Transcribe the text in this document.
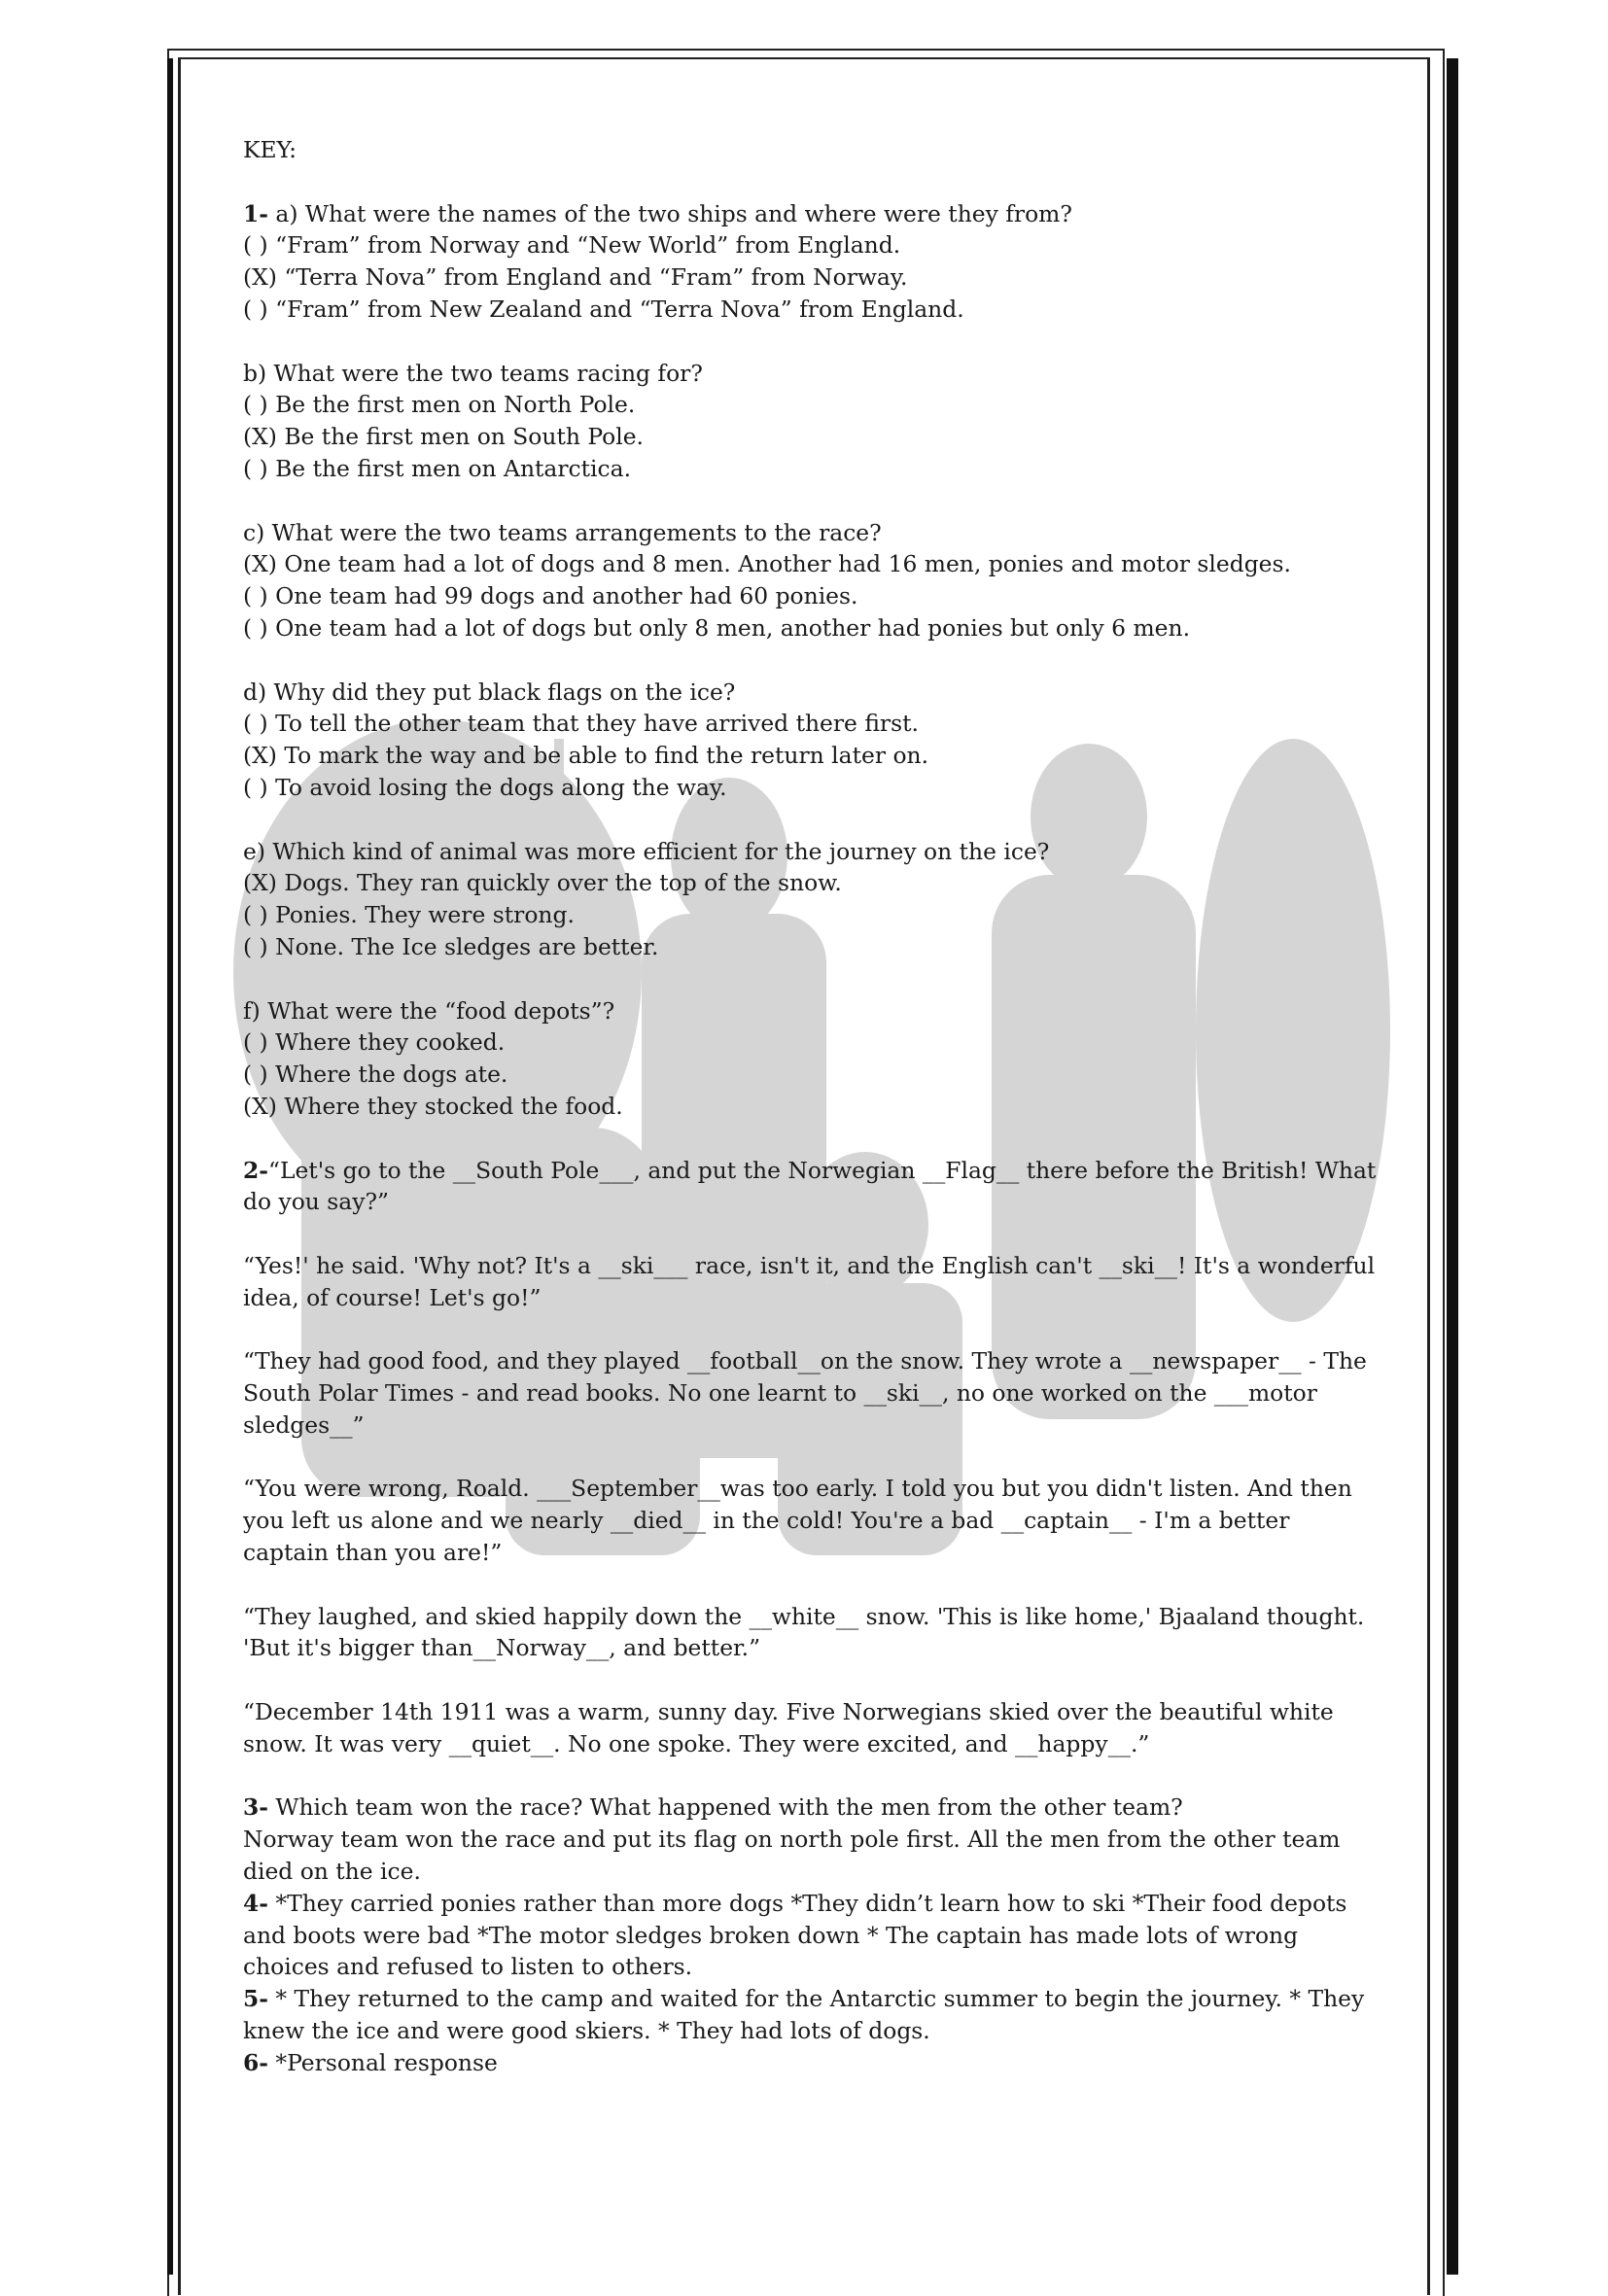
KEY:
1- a) What were the names of the two ships and where were they from?
( ) “Fram” from Norway and “New World” from England.
(X) “Terra Nova” from England and “Fram” from Norway.
( ) “Fram” from New Zealand and “Terra Nova” from England.
b) What were the two teams racing for?
( ) Be the first men on North Pole.
(X) Be the first men on South Pole.
( ) Be the first men on Antarctica.
c) What were the two teams arrangements to the race?
(X) One team had a lot of dogs and 8 men. Another had 16 men, ponies and motor sledges.
( ) One team had 99 dogs and another had 60 ponies.
( ) One team had a lot of dogs but only 8 men, another had ponies but only 6 men.
d) Why did they put black flags on the ice?
( ) To tell the other team that they have arrived there first.
(X) To mark the way and be able to find the return later on.
( ) To avoid losing the dogs along the way.
e) Which kind of animal was more efficient for the journey on the ice?
(X) Dogs. They ran quickly over the top of the snow.
( ) Ponies. They were strong.
( ) None. The Ice sledges are better.
f) What were the “food depots”?
( ) Where they cooked.
( ) Where the dogs ate.
(X) Where they stocked the food.
2-“Let's go to the __South Pole___, and put the Norwegian __Flag__ there before the British! What
do you say?”
“Yes!' he said. 'Why not? It's a __ski___ race, isn't it, and the English can't __ski__! It's a wonderful
idea, of course! Let's go!”
“They had good food, and they played __football__on the snow. They wrote a __newspaper__ - The
South Polar Times - and read books. No one learnt to __ski__, no one worked on the ___motor
sledges__”
“You were wrong, Roald. ___September__was too early. I told you but you didn't listen. And then
you left us alone and we nearly __died__ in the cold! You're a bad __captain__ - I'm a better
captain than you are!”
“They laughed, and skied happily down the __white__ snow. 'This is like home,' Bjaaland thought.
'But it's bigger than__Norway__, and better.”
“December 14th 1911 was a warm, sunny day. Five Norwegians skied over the beautiful white
snow. It was very __quiet__. No one spoke. They were excited, and __happy__.”
3- Which team won the race? What happened with the men from the other team?
Norway team won the race and put its flag on north pole first. All the men from the other team
died on the ice.
4- *They carried ponies rather than more dogs *They didn’t learn how to ski *Their food depots
and boots were bad *The motor sledges broken down * The captain has made lots of wrong
choices and refused to listen to others.
5- * They returned to the camp and waited for the Antarctic summer to begin the journey. * They
knew the ice and were good skiers. * They had lots of dogs.
6- *Personal response
